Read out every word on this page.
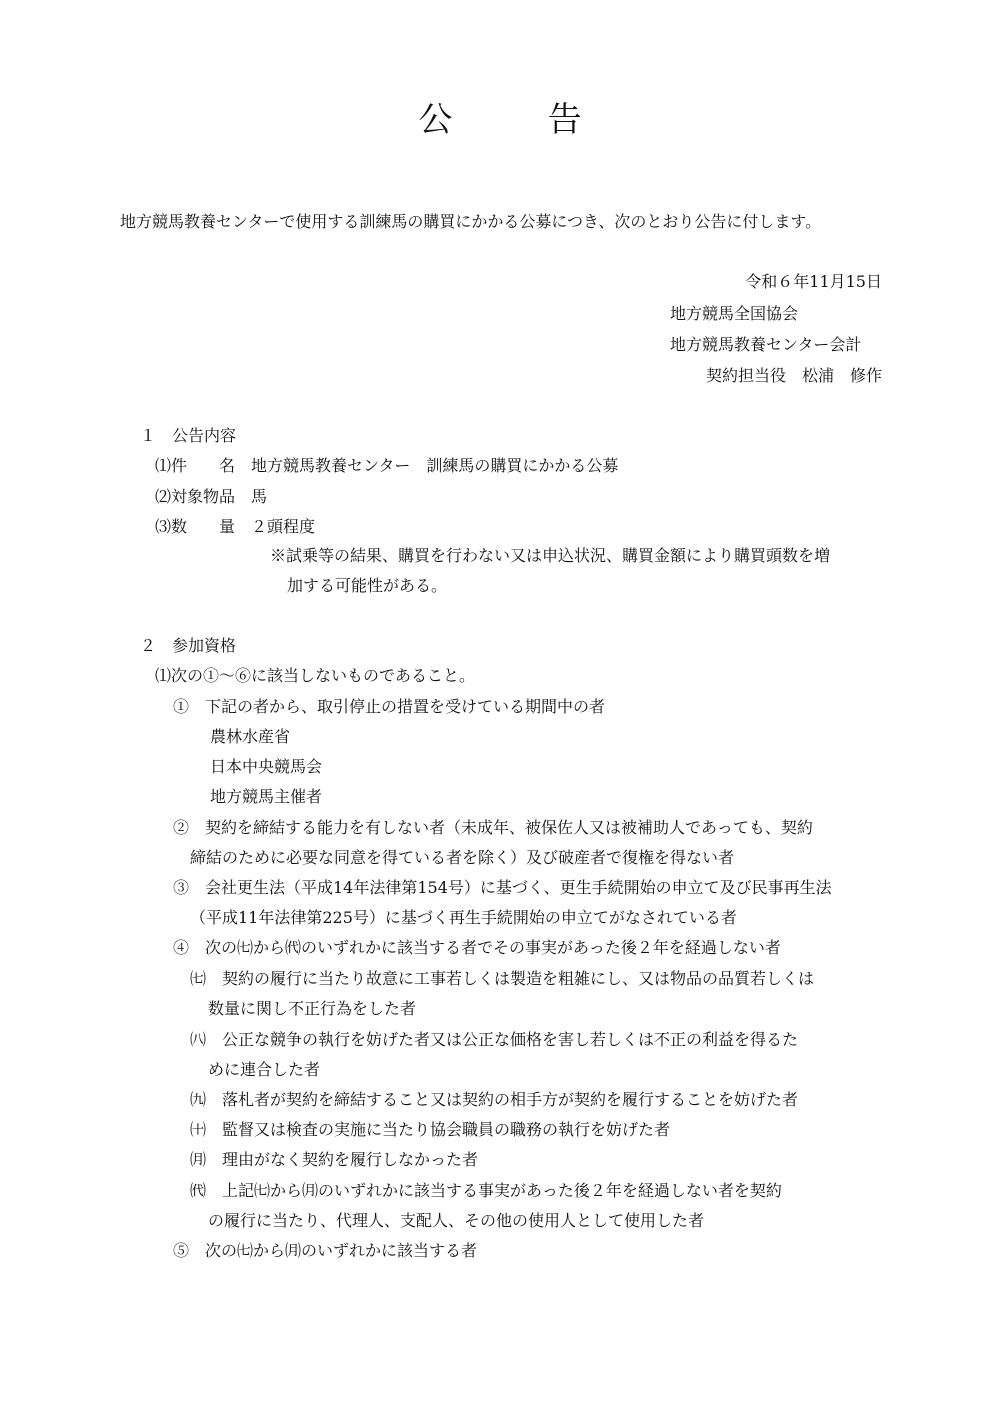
公　告
地方競馬教養センターで使用する訓練馬の購買にかかる公募につき、次のとおり公告に付します。
令和６年11月15日
地方競馬全国協会
地方競馬教養センター会計
契約担当役　松浦　修作
１　公告内容
⑴件　　名　地方競馬教養センター　訓練馬の購買にかかる公募
⑵対象物品　馬
⑶数　　量　２頭程度
※試乗等の結果、購買を行わない又は申込状況、購買金額により購買頭数を増
加する可能性がある。
２　参加資格
⑴次の①～⑥に該当しないものであること。
①　下記の者から、取引停止の措置を受けている期間中の者
農林水産省
日本中央競馬会
地方競馬主催者
②　契約を締結する能力を有しない者（未成年、被保佐人又は被補助人であっても、契約
締結のために必要な同意を得ている者を除く）及び破産者で復権を得ない者
③　会社更生法（平成14年法律第154号）に基づく、更生手続開始の申立て及び民事再生法
（平成11年法律第225号）に基づく再生手続開始の申立てがなされている者
④　次の㈦から㈹のいずれかに該当する者でその事実があった後２年を経過しない者
㈦　契約の履行に当たり故意に工事若しくは製造を粗雑にし、又は物品の品質若しくは
数量に関し不正行為をした者
㈧　公正な競争の執行を妨げた者又は公正な価格を害し若しくは不正の利益を得るた
めに連合した者
㈨　落札者が契約を締結すること又は契約の相手方が契約を履行することを妨げた者
㈩　監督又は検査の実施に当たり協会職員の職務の執行を妨げた者
㈪　理由がなく契約を履行しなかった者
㈹　上記㈦から㈪のいずれかに該当する事実があった後２年を経過しない者を契約
の履行に当たり、代理人、支配人、その他の使用人として使用した者
⑤　次の㈦から㈪のいずれかに該当する者
